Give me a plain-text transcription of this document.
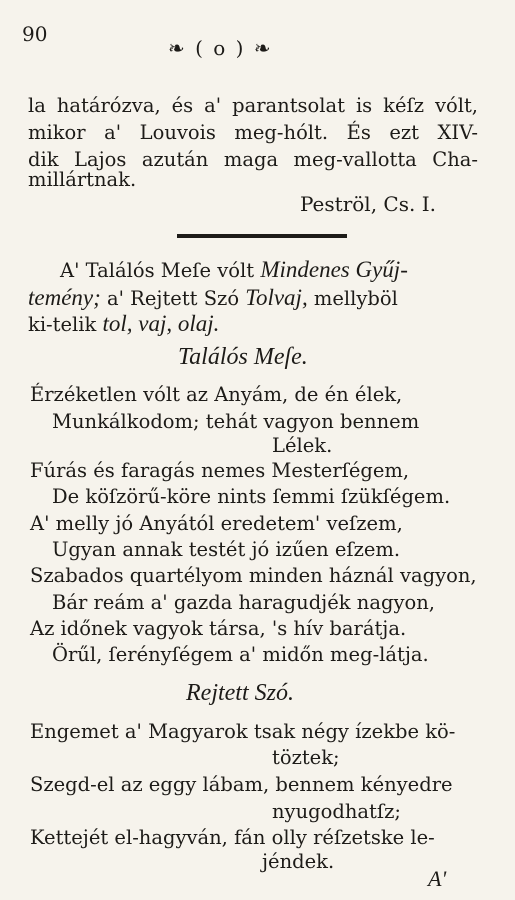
90
❧ ( o ) ❧
la határózva, és a' parantsolat is kéſz vólt,
mikor a' Louvois meg-hólt. És ezt XIV-
dik Lajos azután maga meg-vallotta Cha-
millártnak.
Peströl, Cs. I.
A' Találós Meſe vólt Mindenes Gyűj-
temény; a' Rejtett Szó Tolvaj, mellyböl
ki-telik tol, vaj, olaj.
Találós Meſe.
Érzéketlen vólt az Anyám, de én élek,
Munkálkodom; tehát vagyon bennem
Lélek.
Fúrás és faragás nemes Mesterſégem,
De köſzörű-köre nints ſemmi ſzükſégem.
A' melly jó Anyától eredetem' veſzem,
Ugyan annak testét jó izűen eſzem.
Szabados quartélyom minden háznál vagyon,
Bár reám a' gazda haragudjék nagyon,
Az időnek vagyok társa, 's hív barátja.
Örűl, ſerényſégem a' midőn meg-látja.
Rejtett Szó.
Engemet a' Magyarok tsak négy ízekbe kö-
töztek;
Szegd-el az eggy lábam, bennem kényedre
nyugodhatſz;
Kettejét el-hagyván, fán olly réſzetske le-
jéndek.
A'
